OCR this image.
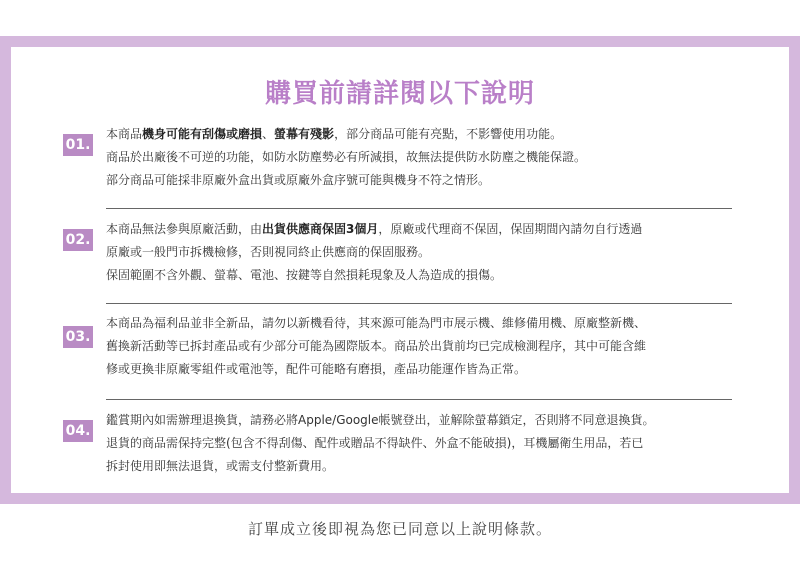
購買前請詳閱以下說明
01.
本商品機身可能有刮傷或磨損、螢幕有殘影，部分商品可能有亮點，不影響使用功能。
商品於出廠後不可逆的功能，如防水防塵勢必有所減損，故無法提供防水防塵之機能保證。
部分商品可能採非原廠外盒出貨或原廠外盒序號可能與機身不符之情形。
02.
本商品無法參與原廠活動，由出貨供應商保固3個月，原廠或代理商不保固，保固期間內請勿自行透過
原廠或一般門市拆機檢修，否則視同終止供應商的保固服務。
保固範圍不含外觀、螢幕、電池、按鍵等自然損耗現象及人為造成的損傷。
03.
本商品為福利品並非全新品，請勿以新機看待，其來源可能為門市展示機、維修備用機、原廠整新機、
舊換新活動等已拆封產品或有少部分可能為國際版本。商品於出貨前均已完成檢測程序，其中可能含維
修或更換非原廠零組件或電池等，配件可能略有磨損，產品功能運作皆為正常。
04.
鑑賞期內如需辦理退換貨，請務必將Apple/Google帳號登出，並解除螢幕鎖定，否則將不同意退換貨。
退貨的商品需保持完整(包含不得刮傷、配件或贈品不得缺件、外盒不能破損)，耳機屬衛生用品，若已
拆封使用即無法退貨，或需支付整新費用。
訂單成立後即視為您已同意以上說明條款。
